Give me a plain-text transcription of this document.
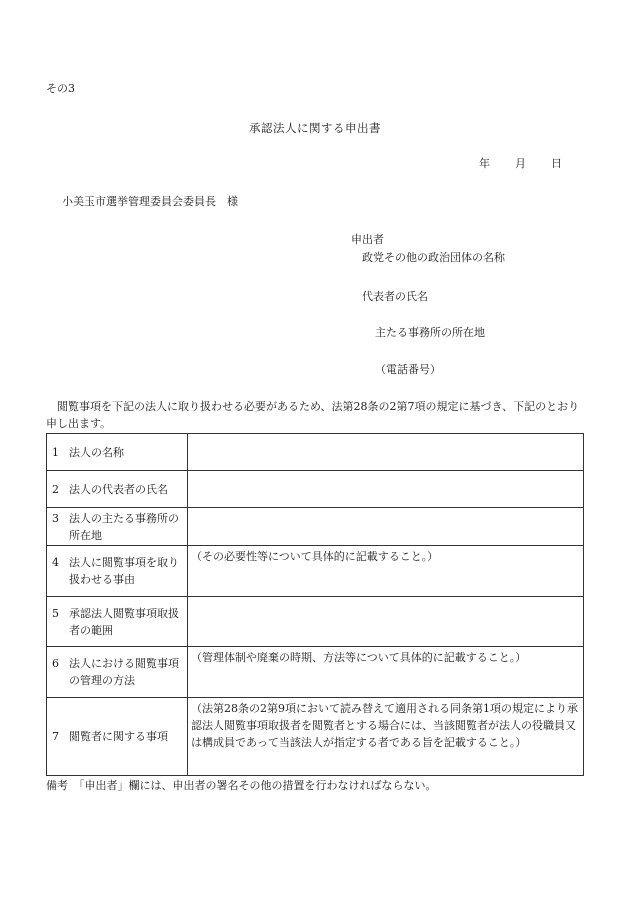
その3
承認法人に関する申出書
年 月 日
小美玉市選挙管理委員会委員長　様
申出者
政党その他の政治団体の名称
代表者の氏名
主たる事務所の所在地
（電話番号）
閲覧事項を下記の法人に取り扱わせる必要があるため、法第28条の2第7項の規定に基づき、下記のとおり申し出ます。
1 法人の名称	
2 法人の代表者の氏名	
3 法人の主たる事務所の所在地	
4 法人に閲覧事項を取り扱わせる事由	（その必要性等について具体的に記載すること。）
5 承認法人閲覧事項取扱者の範囲	
6 法人における閲覧事項の管理の方法	（管理体制や廃棄の時期、方法等について具体的に記載すること。）
7 閲覧者に関する事項	（法第28条の2第9項において読み替えて適用される同条第1項の規定により承認法人閲覧事項取扱者を閲覧者とする場合には、当該閲覧者が法人の役職員又は構成員であって当該法人が指定する者である旨を記載すること。）
備考　「申出者」欄には、申出者の署名その他の措置を行わなければならない。
